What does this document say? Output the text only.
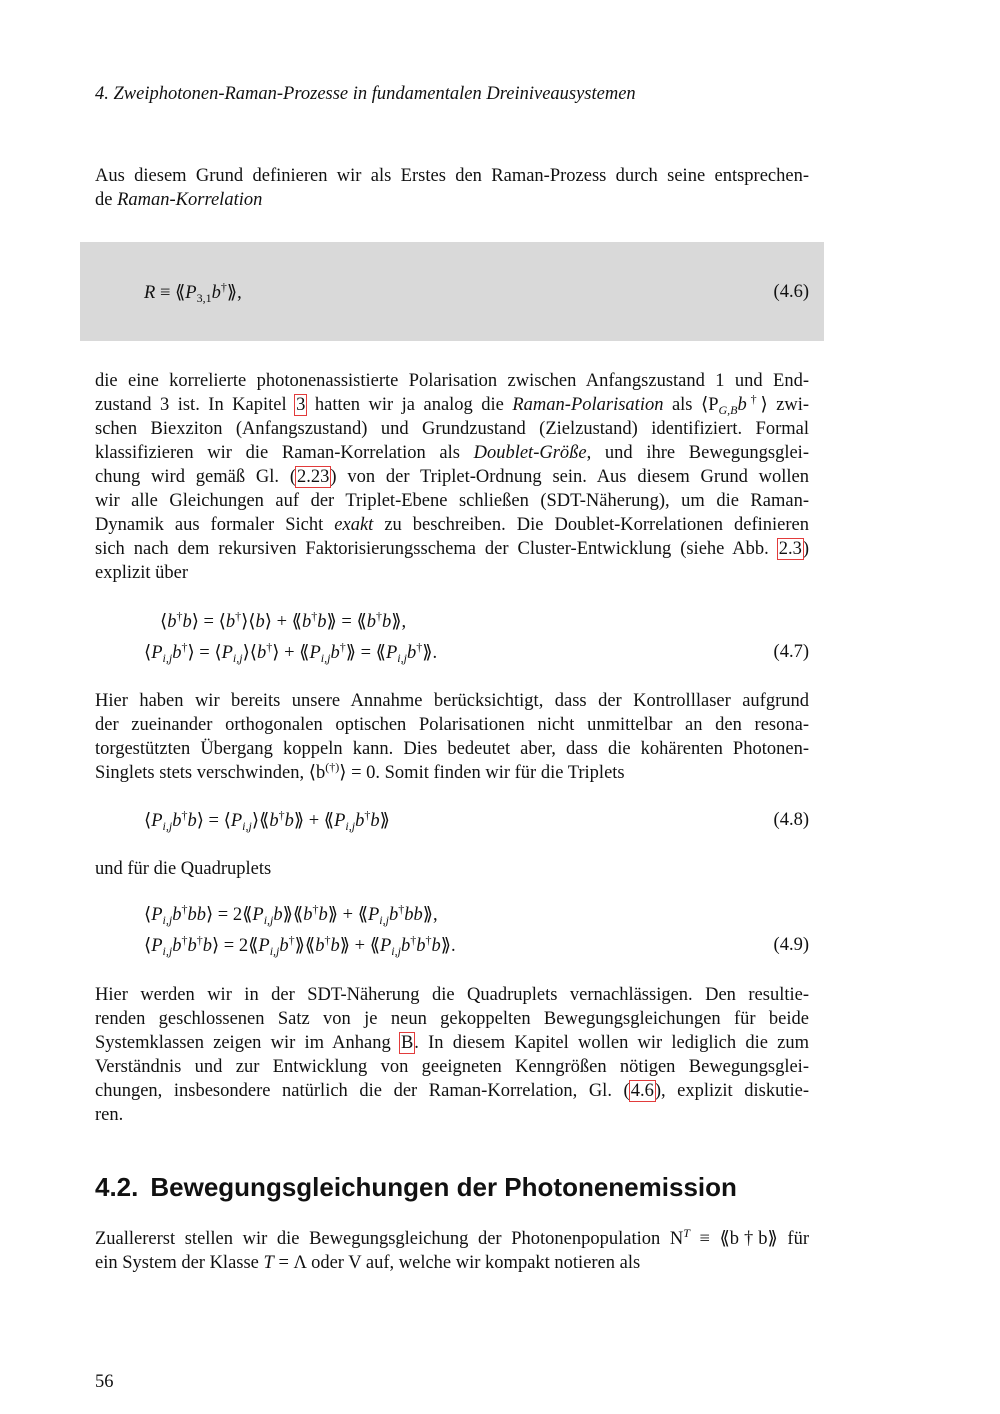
4. Zweiphotonen-Raman-Prozesse in fundamentalen Dreiniveausystemen
Aus diesem Grund definieren wir als Erstes den Raman-Prozess durch seine entsprechen-
de Raman-Korrelation
$R \equiv ⟪P_{3,1}b^\dagger⟫$,	(4.6)
die eine korrelierte photonenassistierte Polarisation zwischen Anfangszustand 1 und End-
zustand 3 ist. In Kapitel 3 hatten wir ja analog die Raman-Polarisation als $⟨P_{G,B}b^\dagger⟩$ zwi-
schen Biexziton (Anfangszustand) und Grundzustand (Zielzustand) identifiziert. Formal
klassifizieren wir die Raman-Korrelation als Doublet-Größe, und ihre Bewegungsglei-
chung wird gemäß Gl. (2.23) von der Triplet-Ordnung sein. Aus diesem Grund wollen
wir alle Gleichungen auf der Triplet-Ebene schließen (SDT-Näherung), um die Raman-
Dynamik aus formaler Sicht exakt zu beschreiben. Die Doublet-Korrelationen definieren
sich nach dem rekursiven Faktorisierungsschema der Cluster-Entwicklung (siehe Abb. 2.3)
explizit über
⟨b†b⟩ = ⟨b†⟩⟨b⟩ + ⟪b†b⟫ = ⟪b†b⟫,
$⟨P_{i,j}b^\dagger⟩$ = $⟨P_{i,j}⟩⟨b^\dagger⟩$ + $⟪P_{i,j}b^\dagger⟫$ = $⟪P_{i,j}b^\dagger⟫$.	(4.7)
Hier haben wir bereits unsere Annahme berücksichtigt, dass der Kontrolllaser aufgrund
der zueinander orthogonalen optischen Polarisationen nicht unmittelbar an den resona-
torgestützten Übergang koppeln kann. Dies bedeutet aber, dass die kohärenten Photonen-
Singlets stets verschwinden, ⟨b(†)⟩ = 0. Somit finden wir für die Triplets
$⟨P_{i,j}b^\dagger b⟩$ = $⟨P_{i,j}⟩⟪b^\dagger b⟫$ + $⟪P_{i,j}b^\dagger b⟫$	(4.8)
und für die Quadruplets
$⟨P_{i,j}b^\dagger bb⟩$ = $2⟪P_{i,j}b⟫⟪b^\dagger b⟫$ + $⟪P_{i,j}b^\dagger bb⟫$,
$⟨P_{i,j}b^\dagger b^\dagger b⟩$ = $2⟪P_{i,j}b^\dagger⟫⟪b^\dagger b⟫$ + $⟪P_{i,j}b^\dagger b^\dagger b⟫$.	(4.9)
Hier werden wir in der SDT-Näherung die Quadruplets vernachlässigen. Den resultie-
renden geschlossenen Satz von je neun gekoppelten Bewegungsgleichungen für beide
Systemklassen zeigen wir im Anhang B. In diesem Kapitel wollen wir lediglich die zum
Verständnis und zur Entwicklung von geeigneten Kenngrößen nötigen Bewegungsglei-
chungen, insbesondere natürlich die der Raman-Korrelation, Gl. (4.6), explizit diskutie-
ren.
4.2. Bewegungsgleichungen der Photonenemission
Zuallererst stellen wir die Bewegungsgleichung der Photonenpopulation $N^T$ ≡ ⟪b†b⟫ für
ein System der Klasse T = Λ oder V auf, welche wir kompakt notieren als
56
